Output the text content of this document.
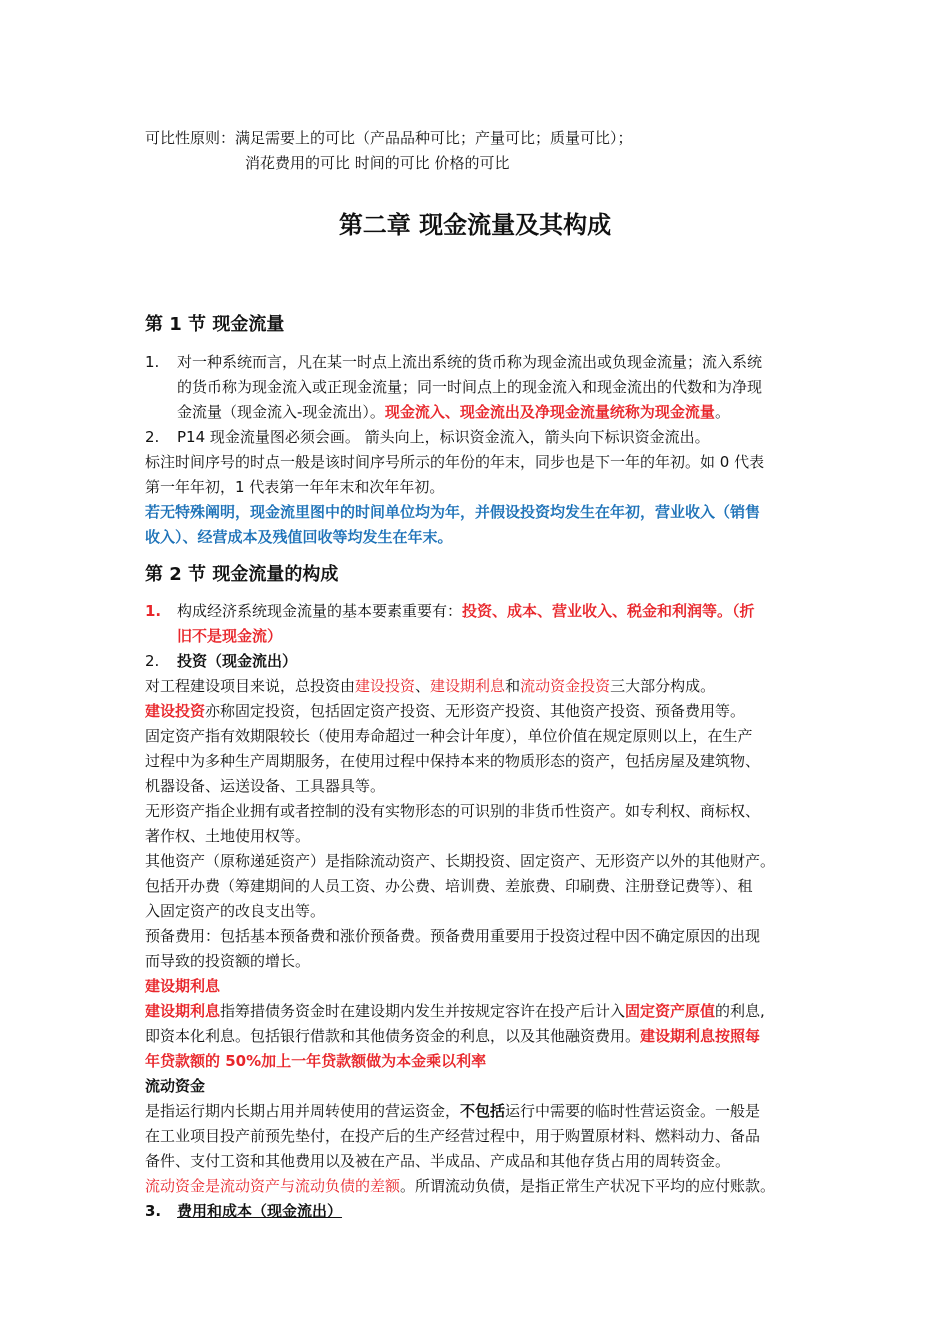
可比性原则：满足需要上的可比（产品品种可比；产量可比；质量可比）；
消花费用的可比 时间的可比 价格的可比
第二章 现金流量及其构成
第 1 节 现金流量
1. 对一种系统而言，凡在某一时点上流出系统的货币称为现金流出或负现金流量；流入系统
的货币称为现金流入或正现金流量；同一时间点上的现金流入和现金流出的代数和为净现
金流量（现金流入-现金流出）。现金流入、现金流出及净现金流量统称为现金流量。
2. P14 现金流量图必须会画。 箭头向上，标识资金流入，箭头向下标识资金流出。
标注时间序号的时点一般是该时间序号所示的年份的年末，同步也是下一年的年初。如 0 代表
第一年年初，1 代表第一年年末和次年年初。
若无特殊阐明，现金流里图中的时间单位均为年，并假设投资均发生在年初，营业收入（销售
收入）、经营成本及残值回收等均发生在年末。
第 2 节 现金流量的构成
1. 构成经济系统现金流量的基本要素重要有：投资、成本、营业收入、税金和利润等。（折
旧不是现金流）
2. 投资（现金流出）
对工程建设项目来说，总投资由建设投资、建设期利息和流动资金投资三大部分构成。
建设投资亦称固定投资，包括固定资产投资、无形资产投资、其他资产投资、预备费用等。
固定资产指有效期限较长（使用寿命超过一种会计年度），单位价值在规定原则以上，在生产
过程中为多种生产周期服务，在使用过程中保持本来的物质形态的资产，包括房屋及建筑物、
机器设备、运送设备、工具器具等。
无形资产指企业拥有或者控制的没有实物形态的可识别的非货币性资产。如专利权、商标权、
著作权、土地使用权等。
其他资产（原称递延资产）是指除流动资产、长期投资、固定资产、无形资产以外的其他财产。
包括开办费（筹建期间的人员工资、办公费、培训费、差旅费、印刷费、注册登记费等）、租
入固定资产的改良支出等。
预备费用：包括基本预备费和涨价预备费。预备费用重要用于投资过程中因不确定原因的出现
而导致的投资额的增长。
建设期利息
建设期利息指筹措债务资金时在建设期内发生并按规定容许在投产后计入固定资产原值的利息,
即资本化利息。包括银行借款和其他债务资金的利息，以及其他融资费用。建设期利息按照每
年贷款额的 50%加上一年贷款额做为本金乘以利率
流动资金
是指运行期内长期占用并周转使用的营运资金，不包括运行中需要的临时性营运资金。一般是
在工业项目投产前预先垫付，在投产后的生产经营过程中，用于购置原材料、燃料动力、备品
备件、支付工资和其他费用以及被在产品、半成品、产成品和其他存货占用的周转资金。
流动资金是流动资产与流动负债的差额。所谓流动负债，是指正常生产状况下平均的应付账款。
3. 费用和成本（现金流出）
